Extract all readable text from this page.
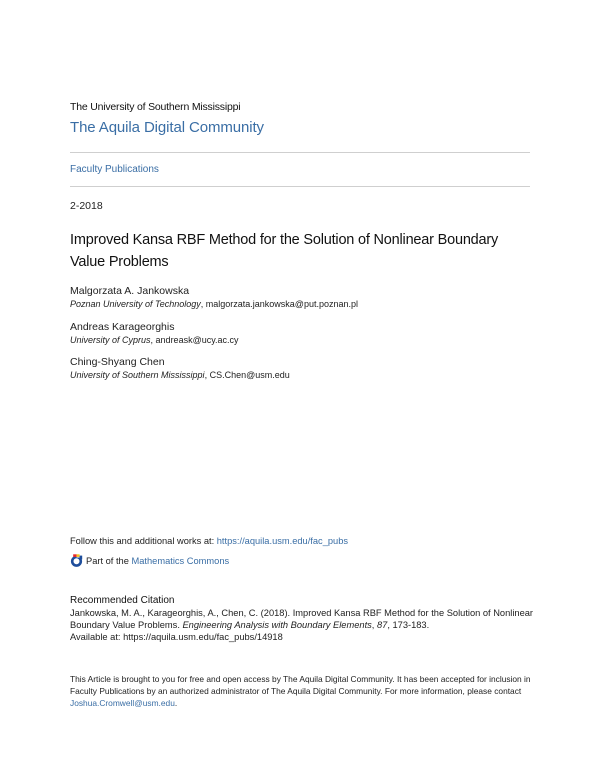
The University of Southern Mississippi
The Aquila Digital Community
Faculty Publications
2-2018
Improved Kansa RBF Method for the Solution of Nonlinear Boundary Value Problems
Malgorzata A. Jankowska
Poznan University of Technology, malgorzata.jankowska@put.poznan.pl
Andreas Karageorghis
University of Cyprus, andreask@ucy.ac.cy
Ching-Shyang Chen
University of Southern Mississippi, CS.Chen@usm.edu
Follow this and additional works at: https://aquila.usm.edu/fac_pubs
Part of the
Mathematics Commons
Recommended Citation
Jankowska, M. A., Karageorghis, A., Chen, C. (2018). Improved Kansa RBF Method for the Solution of Nonlinear Boundary Value Problems. Engineering Analysis with Boundary Elements, 87, 173-183.
Available at: https://aquila.usm.edu/fac_pubs/14918
This Article is brought to you for free and open access by The Aquila Digital Community. It has been accepted for inclusion in Faculty Publications by an authorized administrator of The Aquila Digital Community. For more information, please contact Joshua.Cromwell@usm.edu.
